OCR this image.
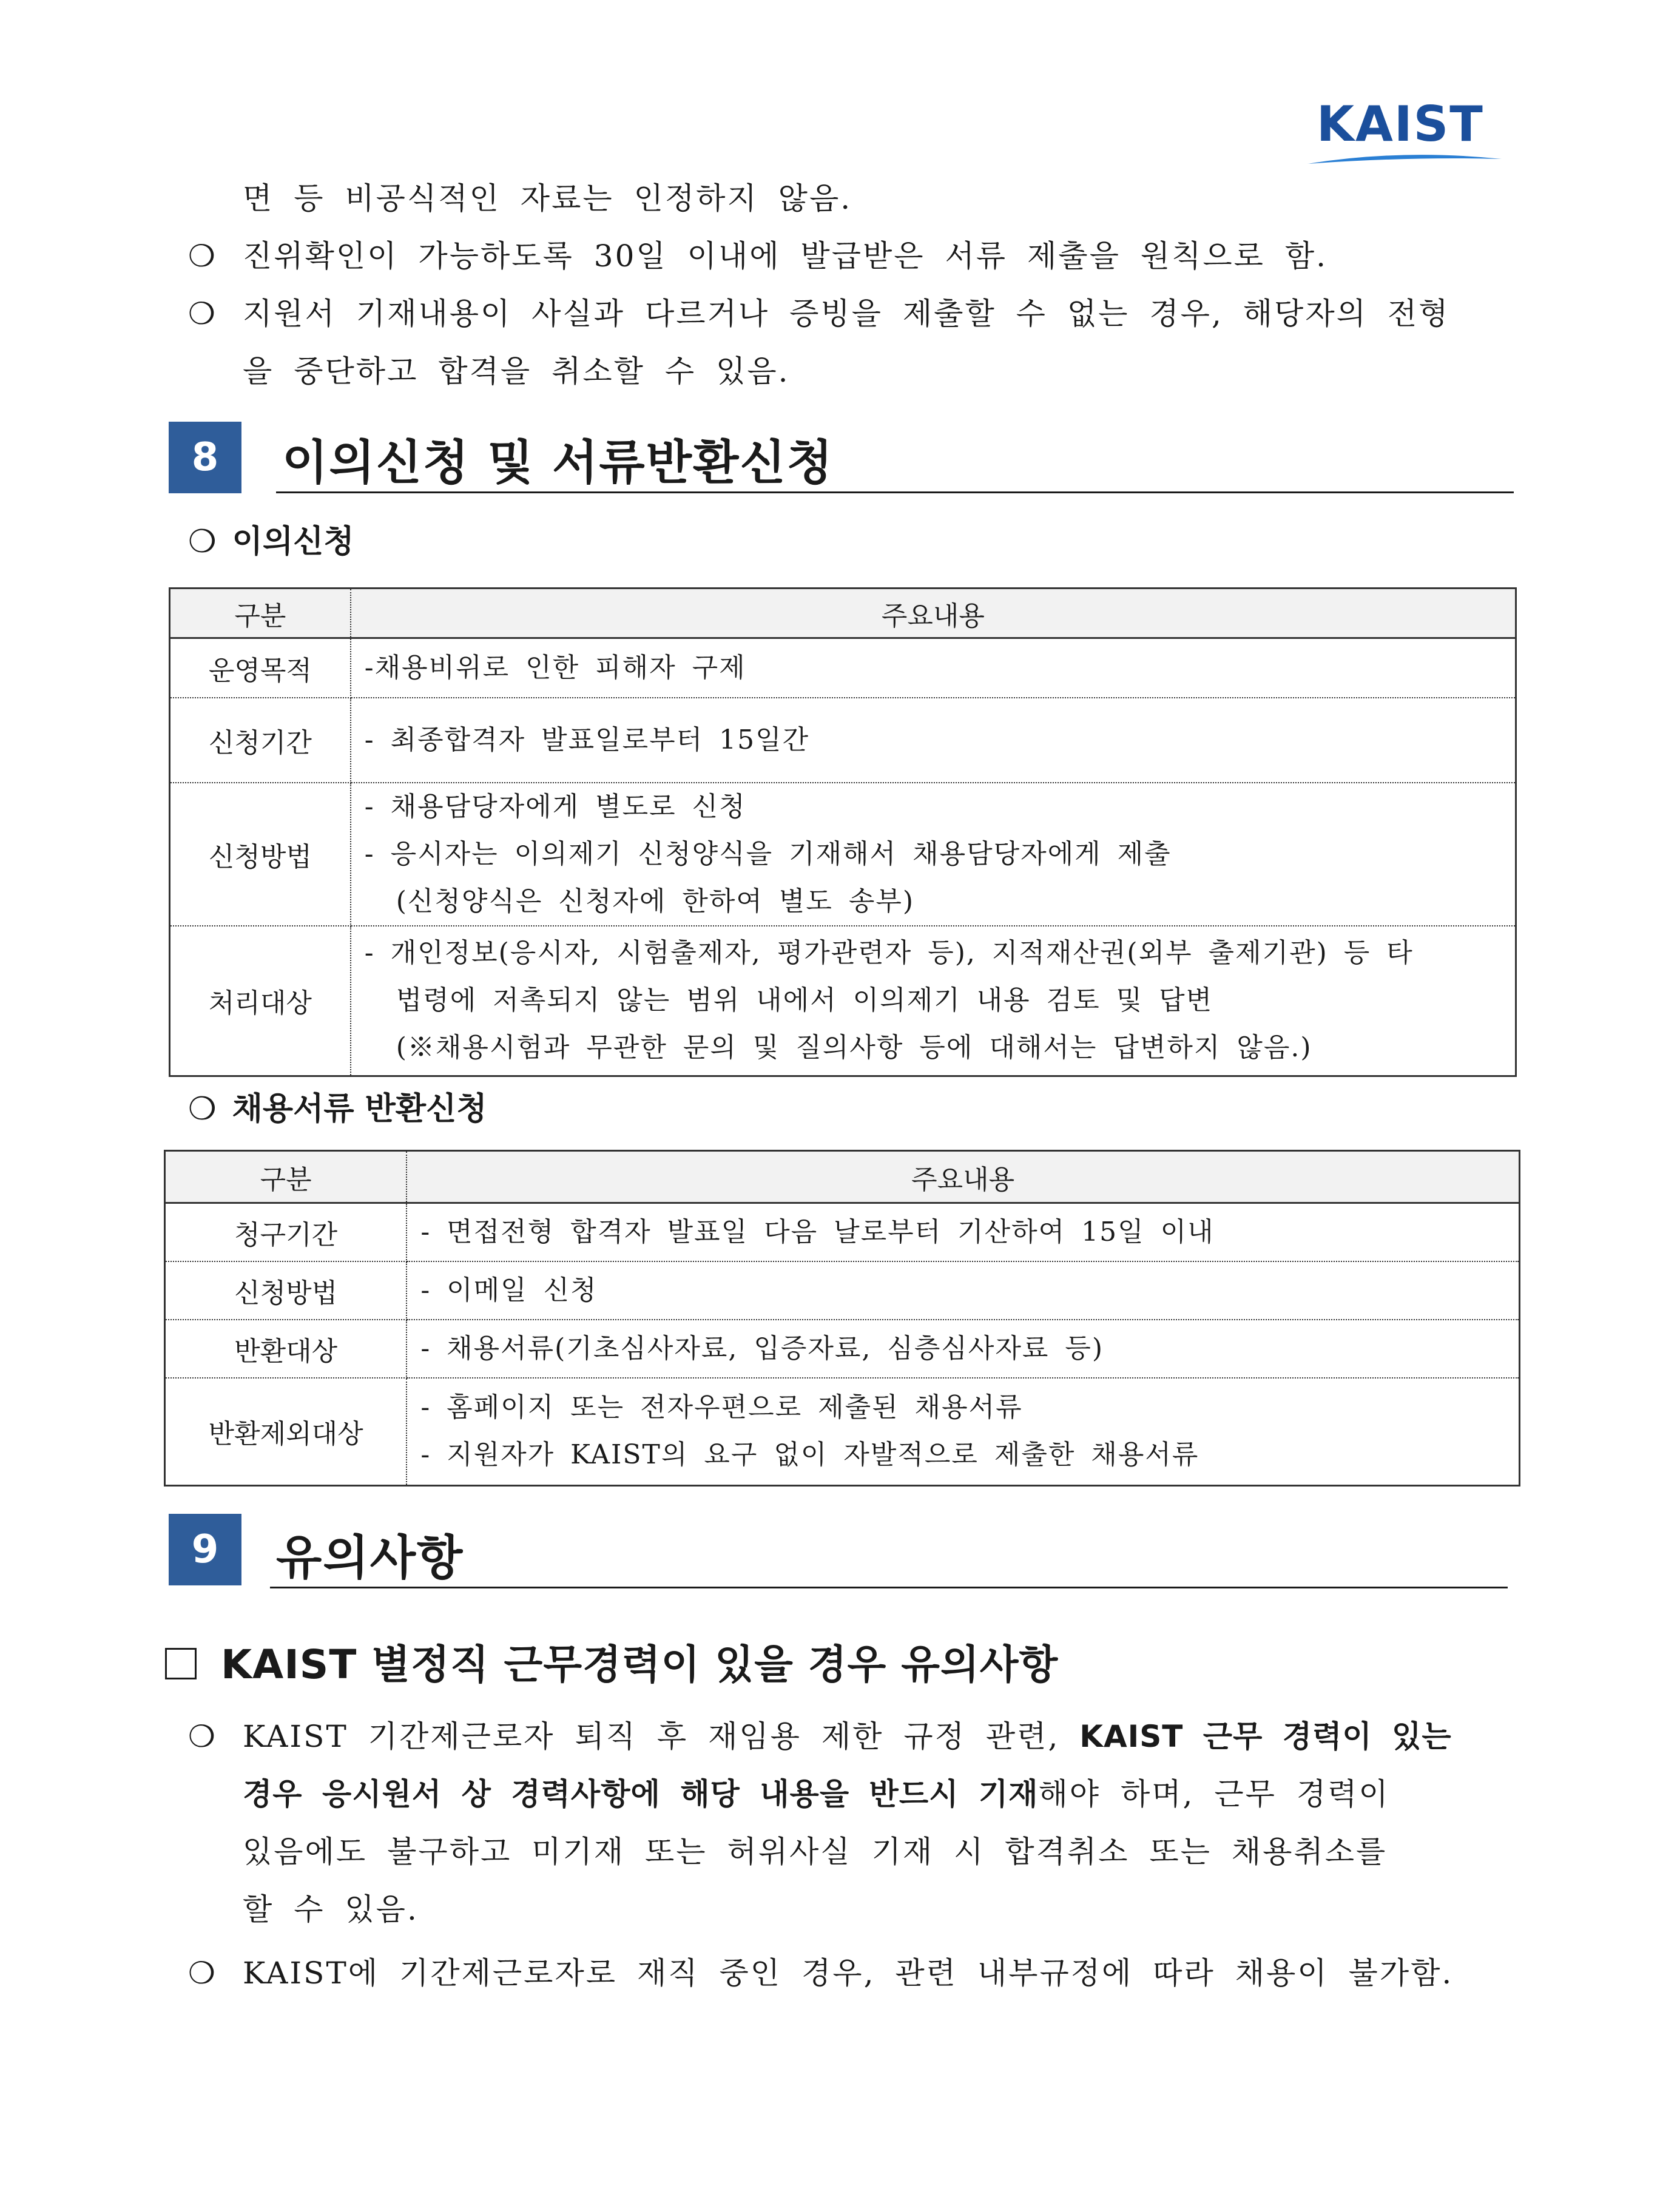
KAIST
면 등 비공식적인 자료는 인정하지 않음.
❍ 진위확인이 가능하도록 30일 이내에 발급받은 서류 제출을 원칙으로 함.
❍ 지원서 기재내용이 사실과 다르거나 증빙을 제출할 수 없는 경우, 해당자의 전형
을 중단하고 합격을 취소할 수 있음.
8	이의신청 및 서류반환신청
❍ 이의신청
구분	주요내용
운영목적	-채용비위로 인한 피해자 구제

신청기간	- 최종합격자 발표일로부터 15일간

신청방법	- 채용담당자에게 별도로 신청
- 응시자는 이의제기 신청양식을 기재해서 채용담당자에게 제출
(신청양식은 신청자에 한하여 별도 송부)

처리대상	- 개인정보(응시자, 시험출제자, 평가관련자 등), 지적재산권(외부 출제기관) 등 타
법령에 저촉되지 않는 범위 내에서 이의제기 내용 검토 및 답변
(※채용시험과 무관한 문의 및 질의사항 등에 대해서는 답변하지 않음.)
❍ 채용서류 반환신청
구분	주요내용
청구기간	- 면접전형 합격자 발표일 다음 날로부터 기산하여 15일 이내

신청방법	- 이메일 신청

반환대상	- 채용서류(기초심사자료, 입증자료, 심층심사자료 등)

반환제외대상	- 홈페이지 또는 전자우편으로 제출된 채용서류
- 지원자가 KAIST의 요구 없이 자발적으로 제출한 채용서류
9	유의사항
KAIST 별정직 근무경력이 있을 경우 유의사항
❍ KAIST 기간제근로자 퇴직 후 재임용 제한 규정 관련, KAIST 근무 경력이 있는
경우 응시원서 상 경력사항에 해당 내용을 반드시 기재해야 하며, 근무 경력이
있음에도 불구하고 미기재 또는 허위사실 기재 시 합격취소 또는 채용취소를
할 수 있음.
❍ KAIST에 기간제근로자로 재직 중인 경우, 관련 내부규정에 따라 채용이 불가함.
